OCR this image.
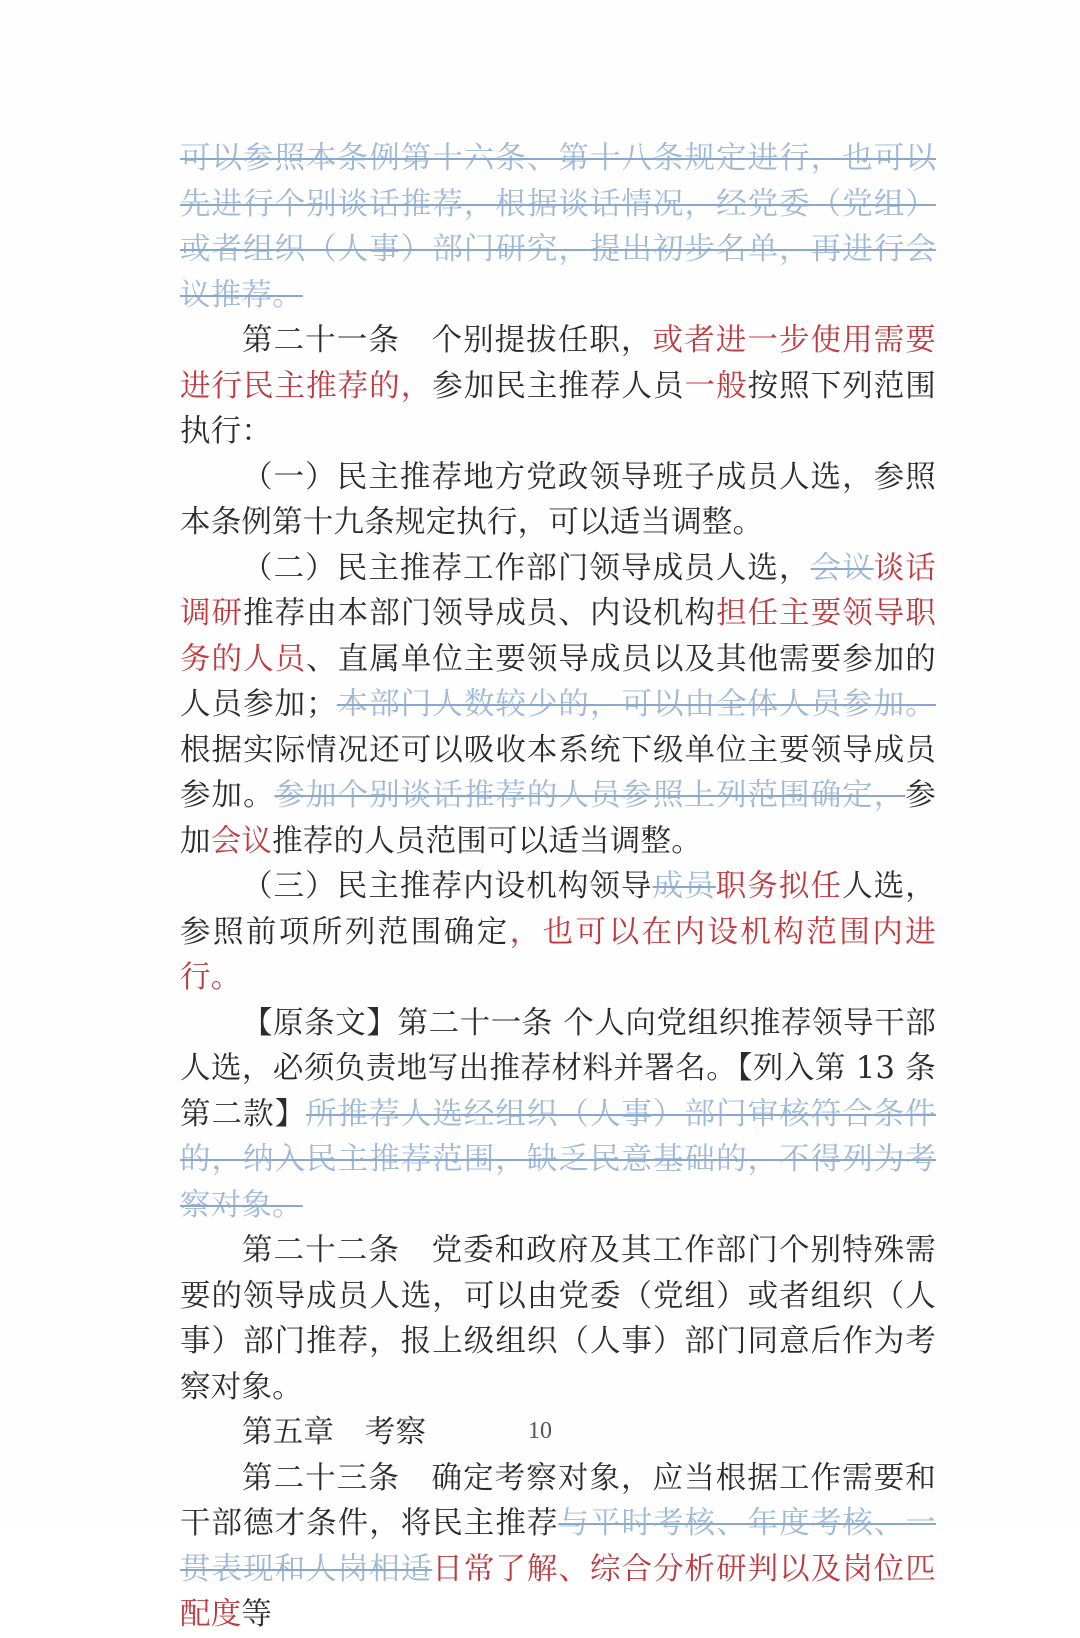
可以参照本条例第十六条、第十八条规定进行，也可以先进行个别谈话推荐，根据谈话情况，经党委（党组）或者组织（人事）部门研究，提出初步名单，再进行会议推荐。

第二十一条　个别提拔任职，或者进一步使用需要进行民主推荐的，参加民主推荐人员一般按照下列范围执行：

（一）民主推荐地方党政领导班子成员人选，参照本条例第十九条规定执行，可以适当调整。

（二）民主推荐工作部门领导成员人选，会议谈话调研推荐由本部门领导成员、内设机构担任主要领导职务的人员、直属单位主要领导成员以及其他需要参加的人员参加；本部门人数较少的，可以由全体人员参加。根据实际情况还可以吸收本系统下级单位主要领导成员参加。参加个别谈话推荐的人员参照上列范围确定，参加会议推荐的人员范围可以适当调整。

（三）民主推荐内设机构领导成员职务拟任人选，参照前项所列范围确定，也可以在内设机构范围内进行。

【原条文】第二十一条 个人向党组织推荐领导干部人选，必须负责地写出推荐材料并署名。【列入第 13 条第二款】所推荐人选经组织（人事）部门审核符合条件的，纳入民主推荐范围，缺乏民意基础的，不得列为考察对象。

第二十二条　党委和政府及其工作部门个别特殊需要的领导成员人选，可以由党委（党组）或者组织（人事）部门推荐，报上级组织（人事）部门同意后作为考察对象。

第五章　考察

第二十三条　确定考察对象，应当根据工作需要和干部德才条件，将民主推荐与平时考核、年度考核、一贯表现和人岗相适日常了解、综合分析研判以及岗位匹配度等

10
